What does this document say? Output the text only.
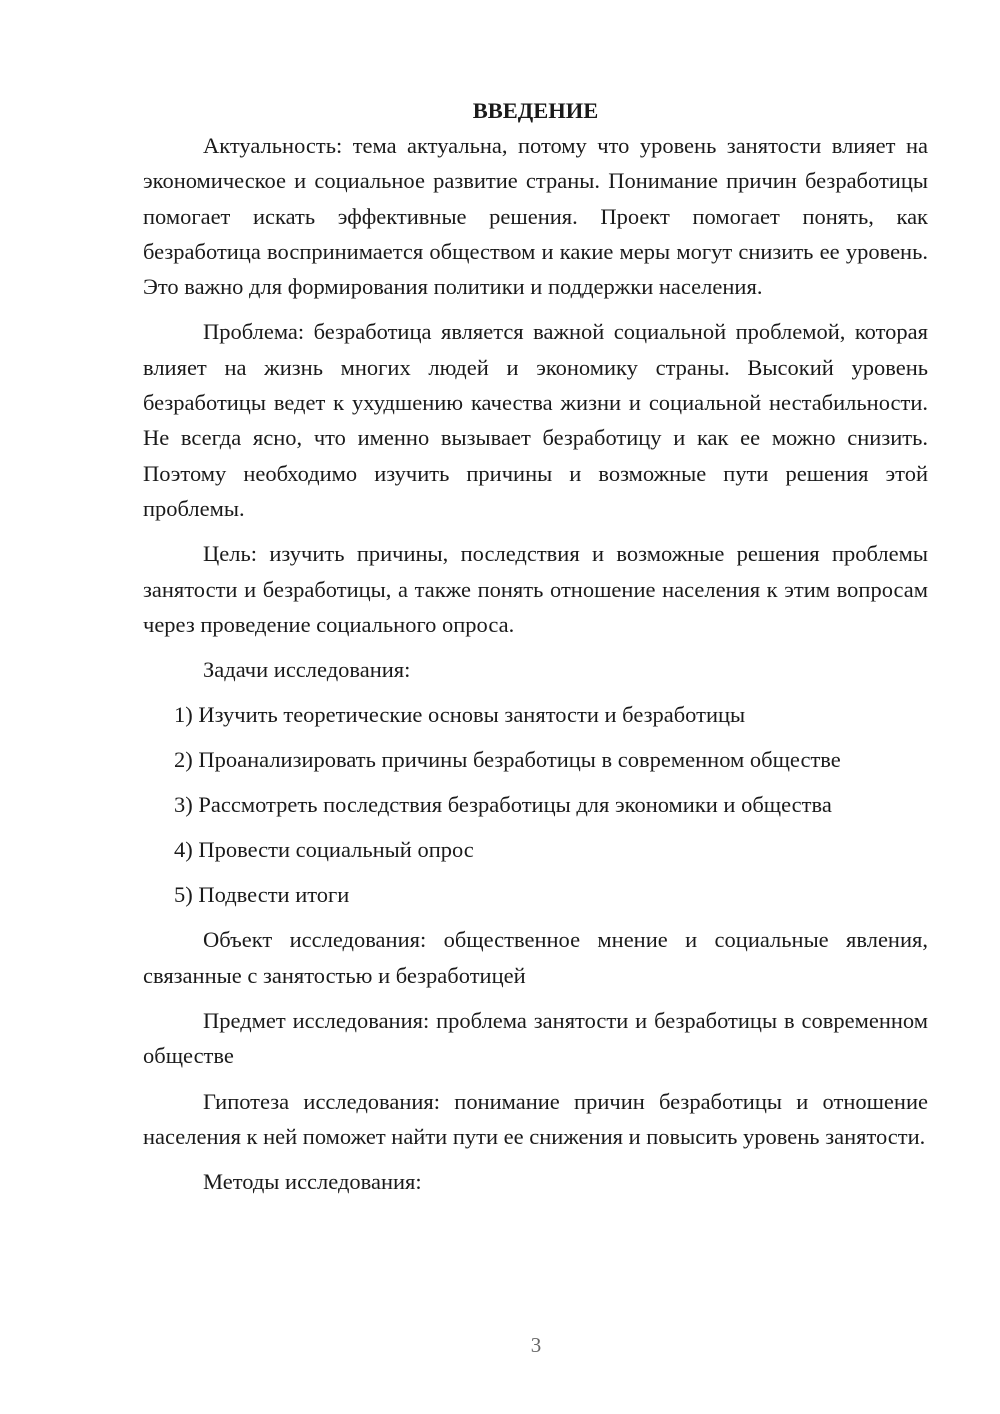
ВВЕДЕНИЕ

Актуальность: тема актуальна, потому что уровень занятости влияет на экономическое и социальное развитие страны. Понимание причин безработицы помогает искать эффективные решения. Проект помогает понять, как безработица воспринимается обществом и какие меры могут снизить ее уровень. Это важно для формирования политики и поддержки населения.

Проблема: безработица является важной социальной проблемой, которая влияет на жизнь многих людей и экономику страны. Высокий уровень безработицы ведет к ухудшению качества жизни и социальной нестабильности. Не всегда ясно, что именно вызывает безработицу и как ее можно снизить. Поэтому необходимо изучить причины и возможные пути решения этой проблемы.

Цель: изучить причины, последствия и возможные решения проблемы занятости и безработицы, а также понять отношение населения к этим вопросам через проведение социального опроса.

Задачи исследования:

1) Изучить теоретические основы занятости и безработицы
2) Проанализировать причины безработицы в современном обществе
3) Рассмотреть последствия безработицы для экономики и общества
4) Провести социальный опрос
5) Подвести итоги

Объект исследования: общественное мнение и социальные явления, связанные с занятостью и безработицей

Предмет исследования: проблема занятости и безработицы в современном обществе

Гипотеза исследования: понимание причин безработицы и отношение населения к ней поможет найти пути ее снижения и повысить уровень занятости.

Методы исследования:

3
